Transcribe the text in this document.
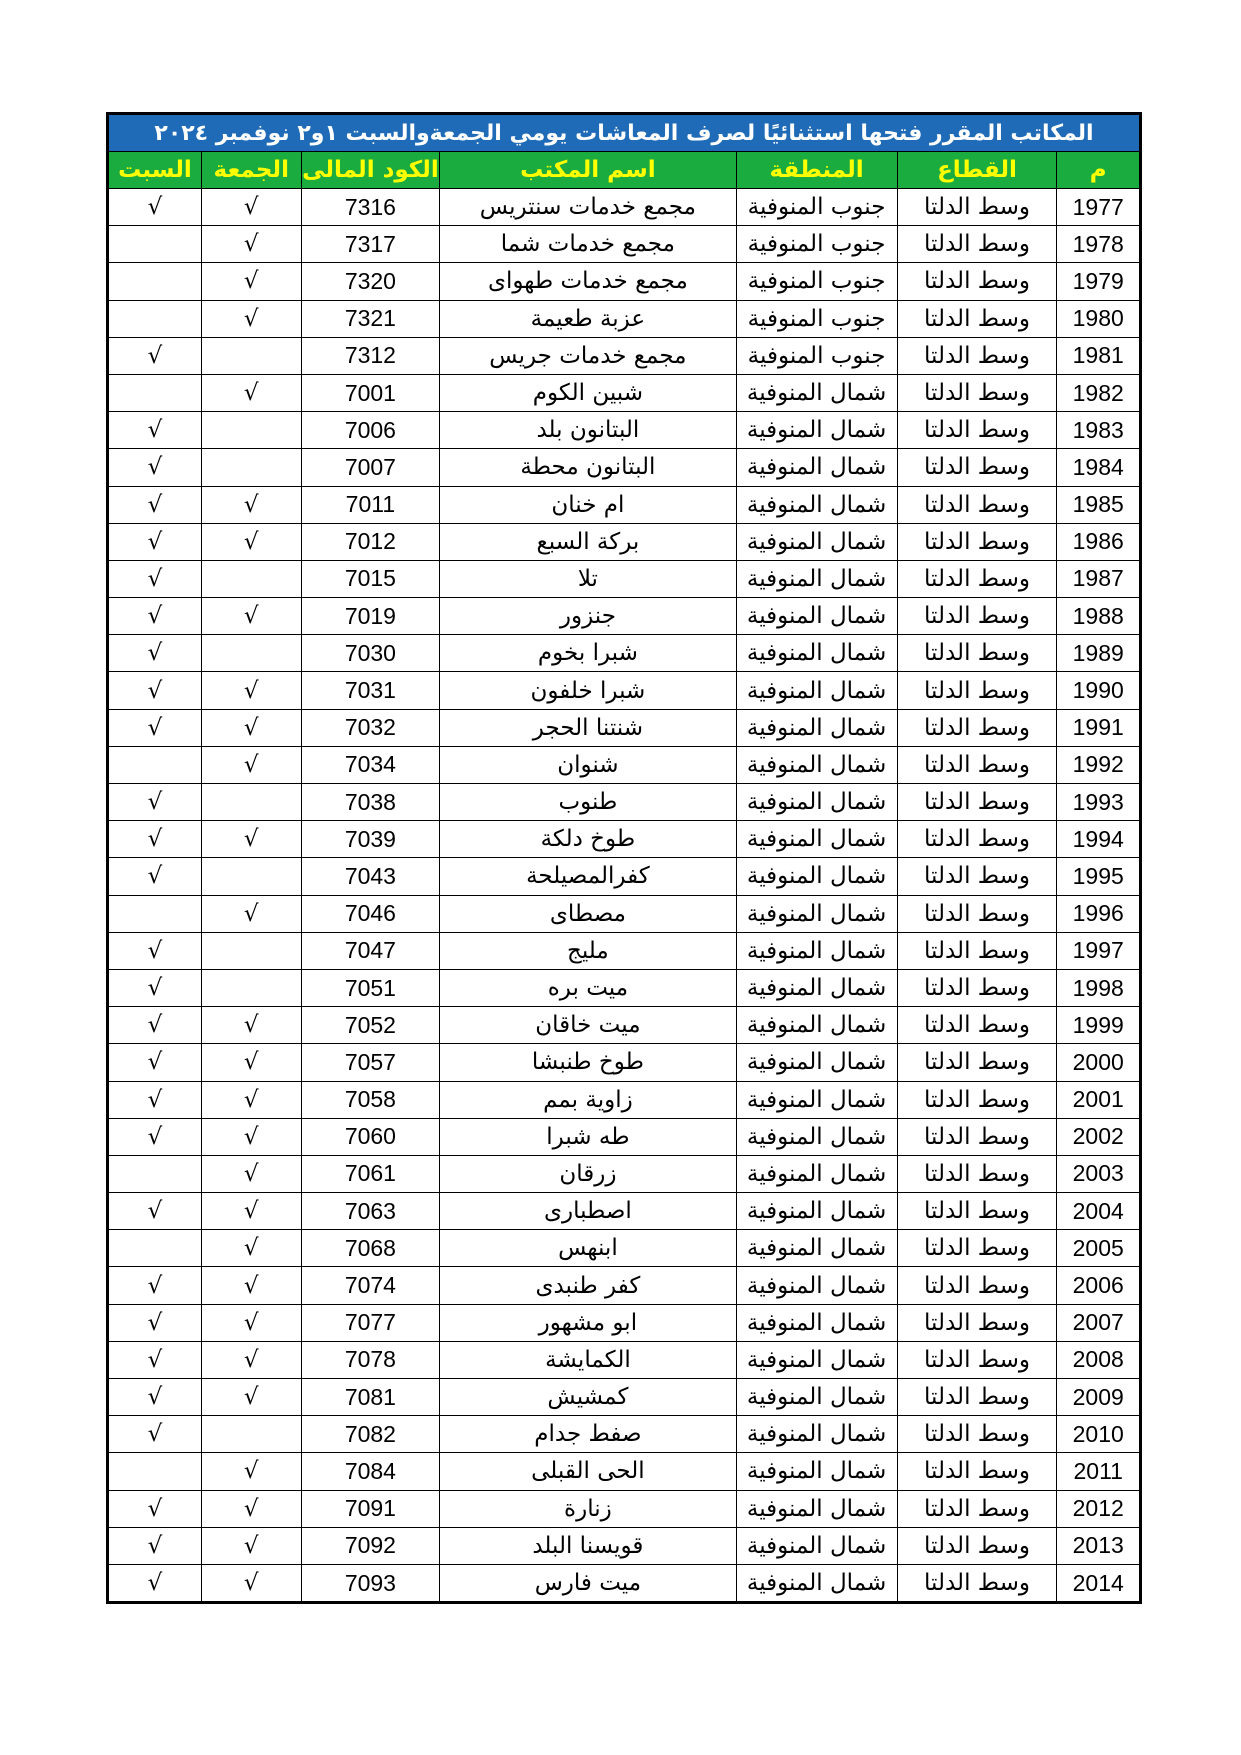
المكاتب المقرر فتحها استثنائيًا لصرف المعاشات يومي الجمعةوالسبت ١و٢ نوفمبر ٢٠٢٤						
م	القطاع	المنطقة	اسم المكتب	الكود المالى	الجمعة	السبت
1977	وسط الدلتا	جنوب المنوفية	مجمع خدمات سنتريس	7316	√	√
1978	وسط الدلتا	جنوب المنوفية	مجمع خدمات شما	7317	√	
1979	وسط الدلتا	جنوب المنوفية	مجمع خدمات طهواى	7320	√	
1980	وسط الدلتا	جنوب المنوفية	عزبة طعيمة	7321	√	
1981	وسط الدلتا	جنوب المنوفية	مجمع خدمات جريس	7312		√
1982	وسط الدلتا	شمال المنوفية	شبين الكوم	7001	√	
1983	وسط الدلتا	شمال المنوفية	البتانون بلد	7006		√
1984	وسط الدلتا	شمال المنوفية	البتانون محطة	7007		√
1985	وسط الدلتا	شمال المنوفية	ام خنان	7011	√	√
1986	وسط الدلتا	شمال المنوفية	بركة السبع	7012	√	√
1987	وسط الدلتا	شمال المنوفية	تلا	7015		√
1988	وسط الدلتا	شمال المنوفية	جنزور	7019	√	√
1989	وسط الدلتا	شمال المنوفية	شبرا بخوم	7030		√
1990	وسط الدلتا	شمال المنوفية	شبرا خلفون	7031	√	√
1991	وسط الدلتا	شمال المنوفية	شنتنا الحجر	7032	√	√
1992	وسط الدلتا	شمال المنوفية	شنوان	7034	√	
1993	وسط الدلتا	شمال المنوفية	طنوب	7038		√
1994	وسط الدلتا	شمال المنوفية	طوخ دلكة	7039	√	√
1995	وسط الدلتا	شمال المنوفية	كفرالمصيلحة	7043		√
1996	وسط الدلتا	شمال المنوفية	مصطاى	7046	√	
1997	وسط الدلتا	شمال المنوفية	مليج	7047		√
1998	وسط الدلتا	شمال المنوفية	ميت بره	7051		√
1999	وسط الدلتا	شمال المنوفية	ميت خاقان	7052	√	√
2000	وسط الدلتا	شمال المنوفية	طوخ طنبشا	7057	√	√
2001	وسط الدلتا	شمال المنوفية	زاوية بمم	7058	√	√
2002	وسط الدلتا	شمال المنوفية	طه شبرا	7060	√	√
2003	وسط الدلتا	شمال المنوفية	زرقان	7061	√	
2004	وسط الدلتا	شمال المنوفية	اصطبارى	7063	√	√
2005	وسط الدلتا	شمال المنوفية	ابنهس	7068	√	
2006	وسط الدلتا	شمال المنوفية	كفر طنبدى	7074	√	√
2007	وسط الدلتا	شمال المنوفية	ابو مشهور	7077	√	√
2008	وسط الدلتا	شمال المنوفية	الكمايشة	7078	√	√
2009	وسط الدلتا	شمال المنوفية	كمشيش	7081	√	√
2010	وسط الدلتا	شمال المنوفية	صفط جدام	7082		√
2011	وسط الدلتا	شمال المنوفية	الحى القبلى	7084	√	
2012	وسط الدلتا	شمال المنوفية	زنارة	7091	√	√
2013	وسط الدلتا	شمال المنوفية	قويسنا البلد	7092	√	√
2014	وسط الدلتا	شمال المنوفية	ميت فارس	7093	√	√
